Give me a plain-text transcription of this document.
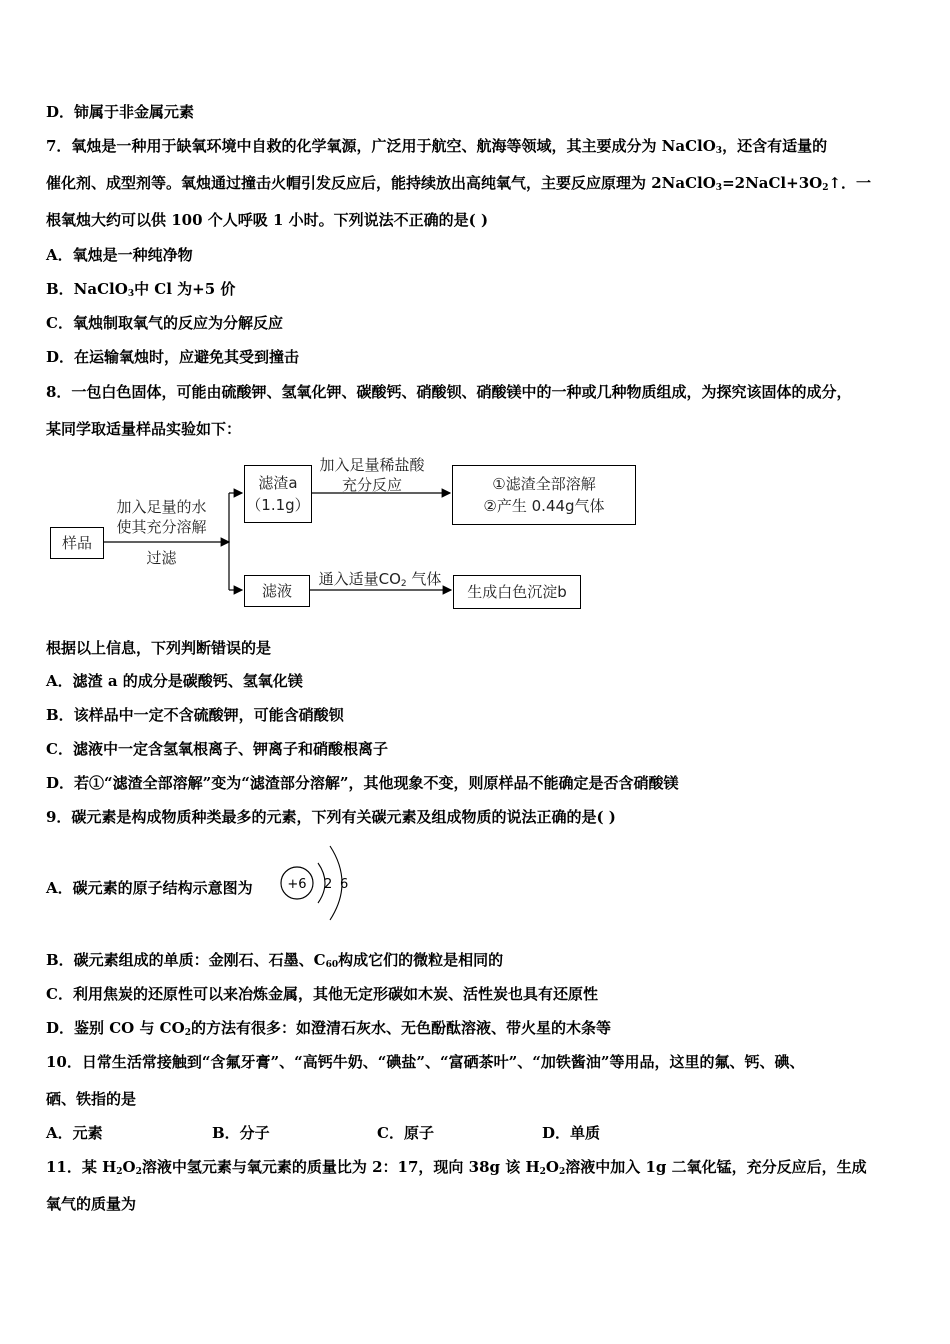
D．铈属于非金属元素
7．氧烛是一种用于缺氧环境中自救的化学氧源，广泛用于航空、航海等领域，其主要成分为 NaClO$_3$，还含有适量的
催化剂、成型剂等。氧烛通过撞击火帽引发反应后，能持续放出高纯氧气，主要反应原理为 $2NaClO_3=2NaCl+3O_2↑$．一
根氧烛大约可以供 100 个人呼吸 1 小时。下列说法不正确的是( )
A．氧烛是一种纯净物
B．NaClO$_3$中 Cl 为+5 价
C．氧烛制取氧气的反应为分解反应
D．在运输氧烛时，应避免其受到撞击
8．一包白色固体，可能由硫酸钾、氢氧化钾、碳酸钙、硝酸钡、硝酸镁中的一种或几种物质组成，为探究该固体的成分，
某同学取适量样品实验如下：
样品
加入足量的水
使其充分溶解
过滤
滤渣a
（1.1g）
加入足量稀盐酸
充分反应	①滤渣全部溶解
②产生 0.44g气体
滤液
通入适量$CO_2$ 气体
生成白色沉淀b
根据以上信息，下列判断错误的是
A．滤渣 a 的成分是碳酸钙、氢氧化镁
B．该样品中一定不含硫酸钾，可能含硝酸钡
C．滤液中一定含氢氧根离子、钾离子和硝酸根离子
D．若①“滤渣全部溶解”变为“滤渣部分溶解”，其他现象不变，则原样品不能确定是否含硝酸镁
9．碳元素是构成物质种类最多的元素，下列有关碳元素及组成物质的说法正确的是( )
A．碳元素的原子结构示意图为	+6 2 6
B．碳元素组成的单质：金刚石、石墨、$C_{60}$构成它们的微粒是相同的
C．利用焦炭的还原性可以来冶炼金属，其他无定形碳如木炭、活性炭也具有还原性
D．鉴别 CO 与 $CO_2$的方法有很多：如澄清石灰水、无色酚酞溶液、带火星的木条等
10．日常生活常接触到“含氟牙膏”、“高钙牛奶、“碘盐”、“富硒茶叶”、“加铁酱油”等用品，这里的氟、钙、碘、
硒、铁指的是
A．元素	B．分子	C．原子	D．单质
11．某 $H_2O_2$溶液中氢元素与氧元素的质量比为 2：17，现向 38g 该 $H_2O_2$溶液中加入 1g 二氧化锰，充分反应后，生成
氧气的质量为
